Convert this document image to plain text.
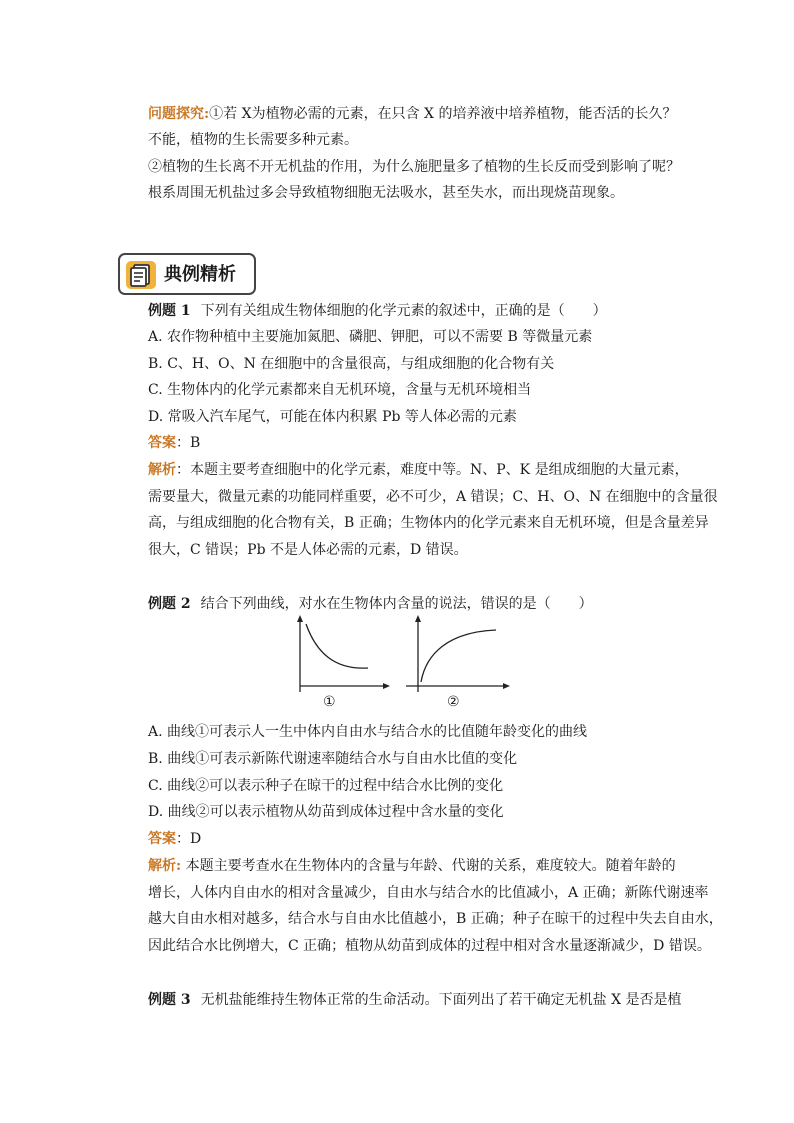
问题探究:①若 X为植物必需的元素，在只含 X 的培养液中培养植物，能否活的长久？
不能，植物的生长需要多种元素。
②植物的生长离不开无机盐的作用，为什么施肥量多了植物的生长反而受到影响了呢？
根系周围无机盐过多会导致植物细胞无法吸水，甚至失水，而出现烧苗现象。
典例精析
例题 1 下列有关组成生物体细胞的化学元素的叙述中，正确的是（　　）
A. 农作物种植中主要施加氮肥、磷肥、钾肥，可以不需要 B 等微量元素
B. C、H、O、N 在细胞中的含量很高，与组成细胞的化合物有关
C. 生物体内的化学元素都来自无机环境，含量与无机环境相当
D. 常吸入汽车尾气，可能在体内积累 Pb 等人体必需的元素
答案：B
解析：本题主要考查细胞中的化学元素，难度中等。N、P、K 是组成细胞的大量元素，
需要量大，微量元素的功能同样重要，必不可少，A 错误；C、H、O、N 在细胞中的含量很
高，与组成细胞的化合物有关，B 正确；生物体内的化学元素来自无机环境，但是含量差异
很大，C 错误；Pb 不是人体必需的元素，D 错误。
例题 2 结合下列曲线，对水在生物体内含量的说法，错误的是（　　）
①	②
A. 曲线①可表示人一生中体内自由水与结合水的比值随年龄变化的曲线
B. 曲线①可表示新陈代谢速率随结合水与自由水比值的变化
C. 曲线②可以表示种子在晾干的过程中结合水比例的变化
D. 曲线②可以表示植物从幼苗到成体过程中含水量的变化
答案：D
解析: 本题主要考查水在生物体内的含量与年龄、代谢的关系，难度较大。随着年龄的
增长，人体内自由水的相对含量减少，自由水与结合水的比值减小，A 正确；新陈代谢速率
越大自由水相对越多，结合水与自由水比值越小，B 正确；种子在晾干的过程中失去自由水，
因此结合水比例增大，C 正确；植物从幼苗到成体的过程中相对含水量逐渐减少，D 错误。
例题 3 无机盐能维持生物体正常的生命活动。下面列出了若干确定无机盐 X 是否是植
